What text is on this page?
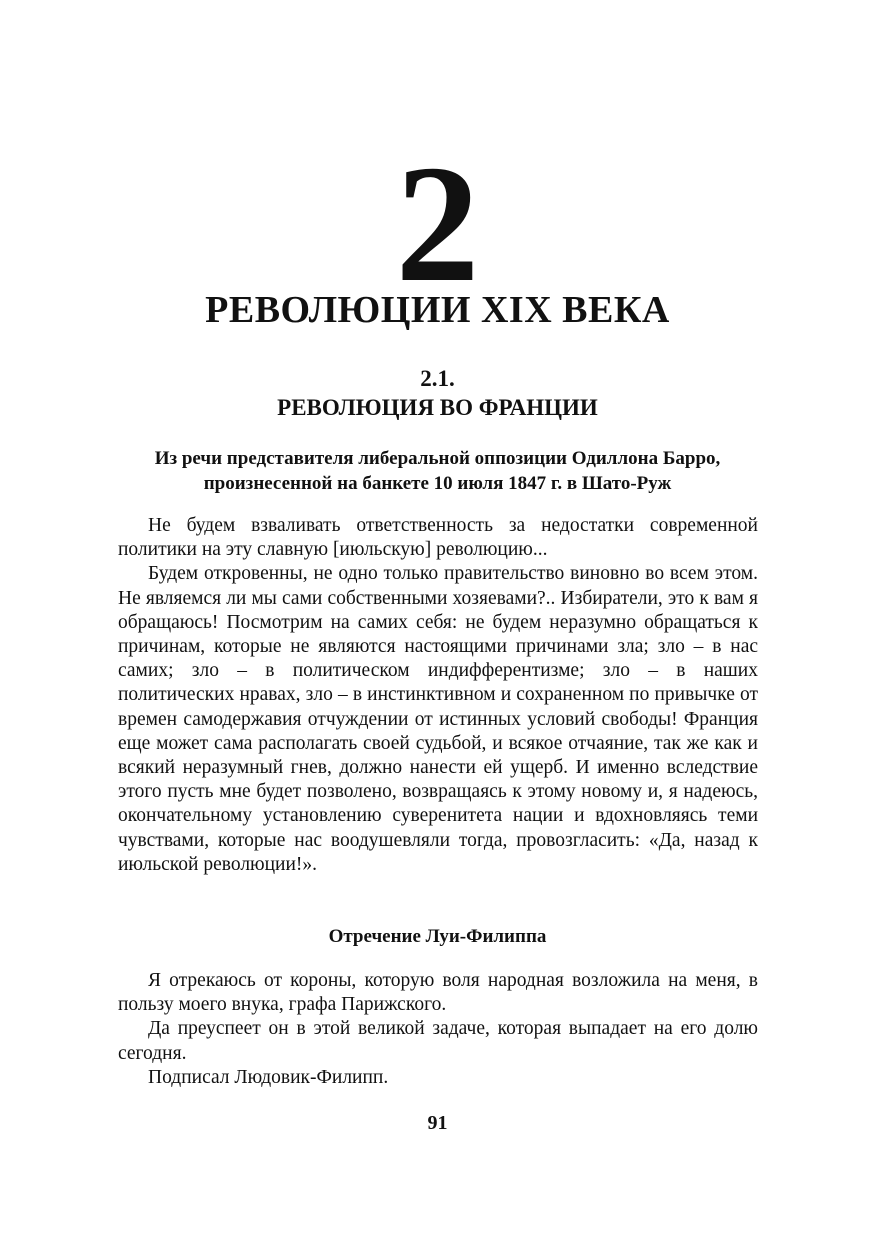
2
РЕВОЛЮЦИИ XIX ВЕКА
2.1.
РЕВОЛЮЦИЯ ВО ФРАНЦИИ
Из речи представителя либеральной оппозиции Одиллона Барро, произнесенной на банкете 10 июля 1847 г. в Шато-Руж

Не будем взваливать ответственность за недостатки современной политики на эту славную [июльскую] революцию...

Будем откровенны, не одно только правительство виновно во всем этом. Не являемся ли мы сами собственными хозяевами?.. Избиратели, это к вам я обращаюсь! Посмотрим на самих себя: не будем неразумно обращаться к причинам, которые не являются настоящими причинами зла; зло – в нас самих; зло – в политическом индифферентизме; зло – в наших политических нравах, зло – в инстинктивном и сохраненном по привычке от времен самодержавия отчуждении от истинных условий свободы! Франция еще может сама располагать своей судьбой, и всякое отчаяние, так же как и всякий неразумный гнев, должно нанести ей ущерб. И именно вследствие этого пусть мне будет позволено, возвращаясь к этому новому и, я надеюсь, окончательному установлению суверенитета нации и вдохновляясь теми чувствами, которые нас воодушевляли тогда, провозгласить: «Да, назад к июльской революции!».

Отречение Луи-Филиппа

Я отрекаюсь от короны, которую воля народная возложила на меня, в пользу моего внука, графа Парижского.

Да преуспеет он в этой великой задаче, которая выпадает на его долю сегодня.

Подписал Людовик-Филипп.

91
